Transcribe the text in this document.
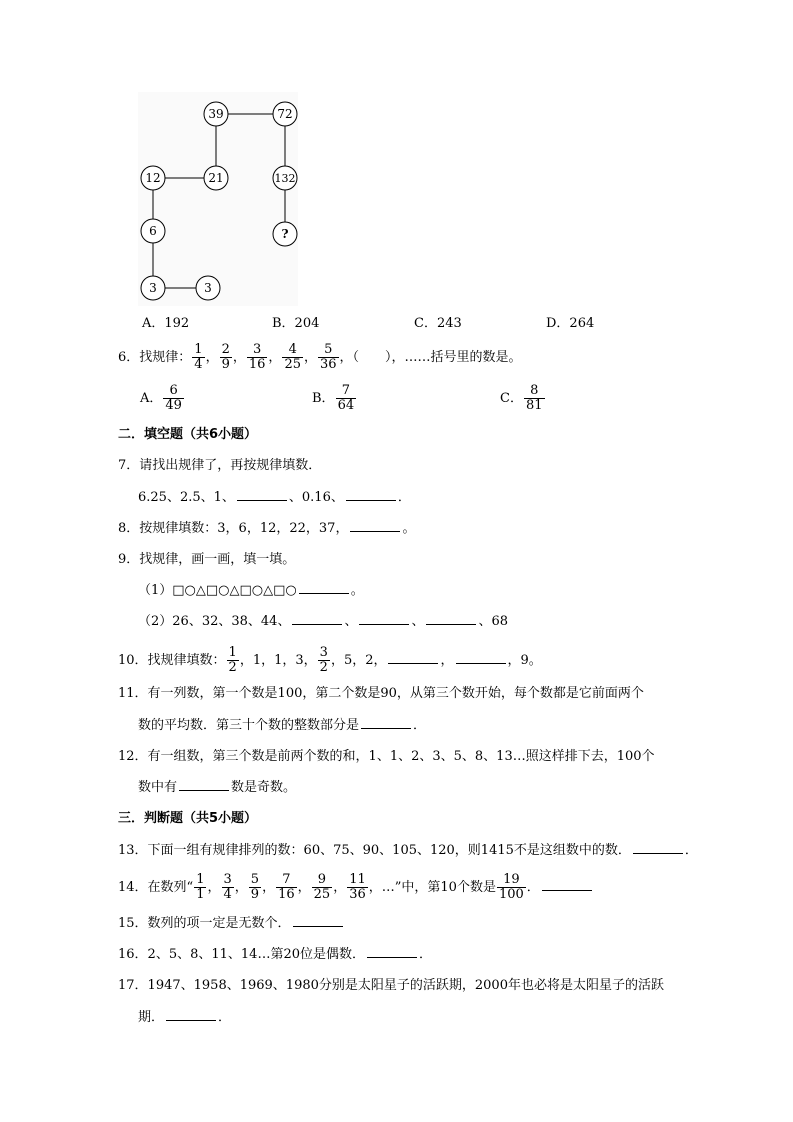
39	72
12	21	132
6	?
3	3
A．192	B．204	C．243	D．264
6．找规律： $\frac{1}{4}$ ， $\frac{2}{9}$ ， $\frac{3}{16}$ ， $\frac{4}{25}$ ， $\frac{5}{36}$ ，（　　），……括号里的数是。
A． $\frac{6}{49}$	B． $\frac{7}{64}$	C． $\frac{8}{81}$
二．填空题（共6小题）
7．请找出规律了，再按规律填数．
6.25、2.5、1、	、0.16、	．
8．按规律填数：3，6，12，22，37，	。
9．找规律，画一画，填一填。
（1）□○△□○△□○△□○	。
（2）26、32、38、44、	、	、	、68
10．找规律填数： $\frac{1}{2}$ ，1，1，3， $\frac{3}{2}$ ，5，2，	，	，9。
11．有一列数，第一个数是100，第二个数是90，从第三个数开始，每个数都是它前面两个
数的平均数．第三十个数的整数部分是	．
12．有一组数，第三个数是前两个数的和，1、1、2、3、5、8、13…照这样排下去，100个
数中有	数是奇数。
三．判断题（共5小题）
13．下面一组有规律排列的数：60、75、90、105、120，则1415不是这组数中的数．	．
14．在数列“ $\frac{1}{1}$ ， $\frac{3}{4}$ ， $\frac{5}{9}$ ， $\frac{7}{16}$ ， $\frac{9}{25}$ ， $\frac{11}{36}$ ，…”中，第10个数是 $\frac{19}{100}$ ．
15．数列的项一定是无数个．
16．2、5、8、11、14…第20位是偶数．	．
17．1947、1958、1969、1980分别是太阳星子的活跃期，2000年也必将是太阳星子的活跃
期．	．
